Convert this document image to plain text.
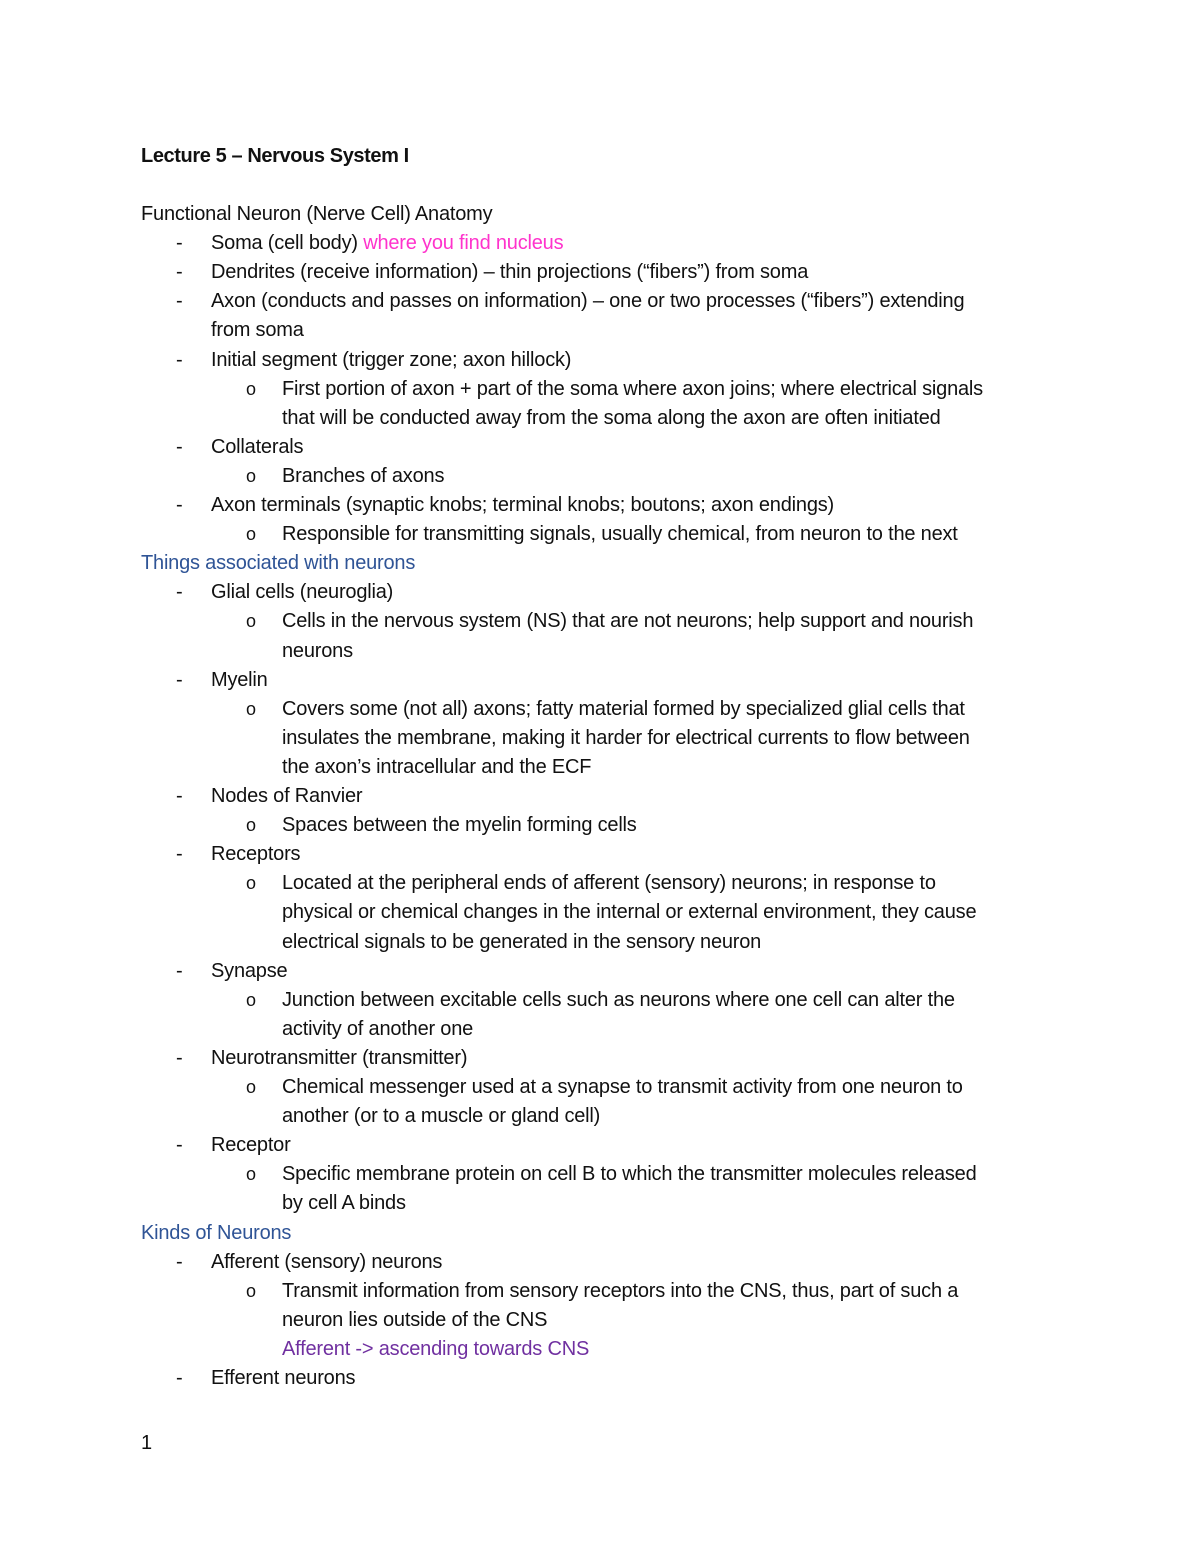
Lecture 5 – Nervous System I
1
Functional Neuron (Nerve Cell) Anatomy
- Soma (cell body) where you find nucleus
- Dendrites (receive information) – thin projections (“fibers”) from soma
- Axon (conducts and passes on information) – one or two processes (“fibers”) extending
from soma
- Initial segment (trigger zone; axon hillock)
o First portion of axon + part of the soma where axon joins; where electrical signals
that will be conducted away from the soma along the axon are often initiated
- Collaterals
o Branches of axons
- Axon terminals (synaptic knobs; terminal knobs; boutons; axon endings)
o Responsible for transmitting signals, usually chemical, from neuron to the next
Things associated with neurons
- Glial cells (neuroglia)
o Cells in the nervous system (NS) that are not neurons; help support and nourish
neurons
- Myelin
o Covers some (not all) axons; fatty material formed by specialized glial cells that
insulates the membrane, making it harder for electrical currents to flow between
the axon’s intracellular and the ECF
- Nodes of Ranvier
o Spaces between the myelin forming cells
- Receptors
o Located at the peripheral ends of afferent (sensory) neurons; in response to
physical or chemical changes in the internal or external environment, they cause
electrical signals to be generated in the sensory neuron
- Synapse
o Junction between excitable cells such as neurons where one cell can alter the
activity of another one
- Neurotransmitter (transmitter)
o Chemical messenger used at a synapse to transmit activity from one neuron to
another (or to a muscle or gland cell)
- Receptor
o Specific membrane protein on cell B to which the transmitter molecules released
by cell A binds
Kinds of Neurons
- Afferent (sensory) neurons
o Transmit information from sensory receptors into the CNS, thus, part of such a
neuron lies outside of the CNS
Afferent -> ascending towards CNS
- Efferent neurons
